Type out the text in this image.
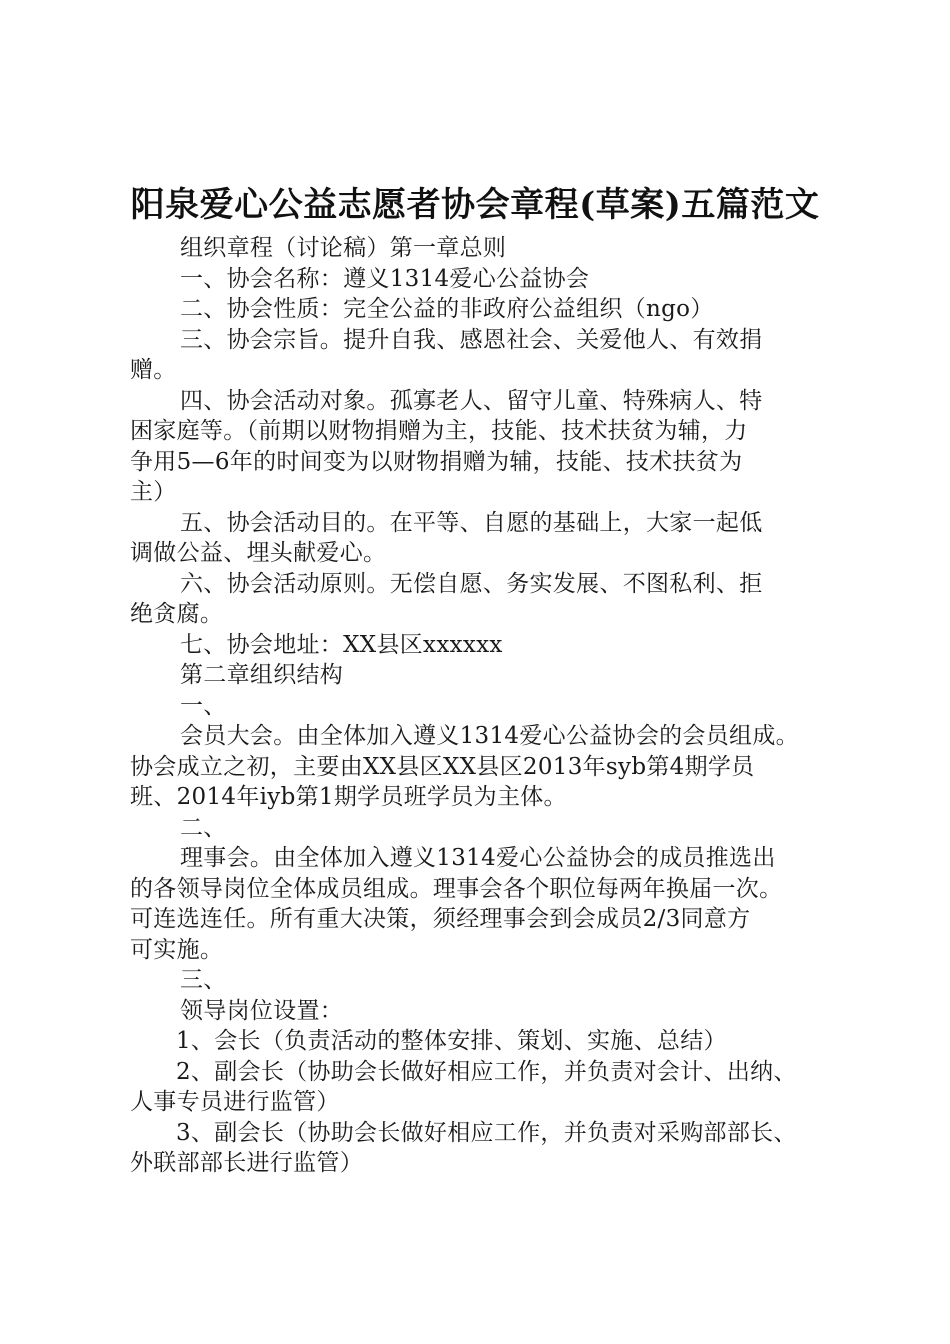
阳泉爱心公益志愿者协会章程(草案)五篇范文

组织章程（讨论稿）第一章总则

一、协会名称：遵义1314爱心公益协会

二、协会性质：完全公益的非政府公益组织（ngo）

三、协会宗旨。提升自我、感恩社会、关爱他人、有效捐
赠。

四、协会活动对象。孤寡老人、留守儿童、特殊病人、特
困家庭等。（前期以财物捐赠为主，技能、技术扶贫为辅，力
争用5—6年的时间变为以财物捐赠为辅，技能、技术扶贫为
主）

五、协会活动目的。在平等、自愿的基础上，大家一起低
调做公益、埋头献爱心。

六、协会活动原则。无偿自愿、务实发展、不图私利、拒
绝贪腐。

七、协会地址：XX县区xxxxxx

第二章组织结构

一、

会员大会。由全体加入遵义1314爱心公益协会的会员组成。
协会成立之初，主要由XX县区XX县区2013年syb第4期学员
班、2014年iyb第1期学员班学员为主体。

二、

理事会。由全体加入遵义1314爱心公益协会的成员推选出
的各领导岗位全体成员组成。理事会各个职位每两年换届一次。
可连选连任。所有重大决策，须经理事会到会成员2/3同意方
可实施。

三、

领导岗位设置：

1、会长（负责活动的整体安排、策划、实施、总结）

2、副会长（协助会长做好相应工作，并负责对会计、出纳、
人事专员进行监管）

3、副会长（协助会长做好相应工作，并负责对采购部部长、
外联部部长进行监管）
